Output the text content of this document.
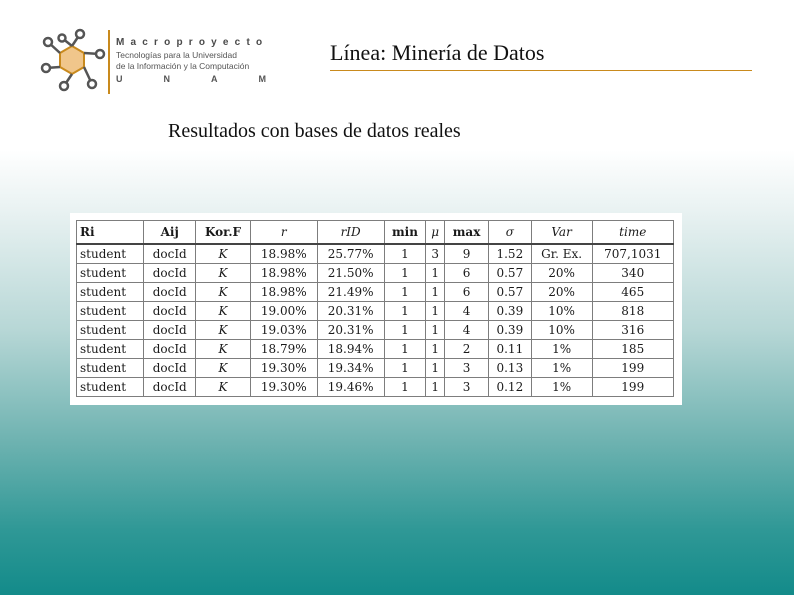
Macroproyecto
Tecnologías para la Universidad
de la Información y la Computación
U	N	A	M
Línea: Minería de Datos
Resultados con bases de datos reales
Ri	Aij	Kor.F	r	rID	min	μ	max	σ	Var	time
student	docId	K	18.98%	25.77%	1	3	9	1.52	Gr. Ex.	707,1031
student	docId	K	18.98%	21.50%	1	1	6	0.57	20%	340
student	docId	K	18.98%	21.49%	1	1	6	0.57	20%	465
student	docId	K	19.00%	20.31%	1	1	4	0.39	10%	818
student	docId	K	19.03%	20.31%	1	1	4	0.39	10%	316
student	docId	K	18.79%	18.94%	1	1	2	0.11	1%	185
student	docId	K	19.30%	19.34%	1	1	3	0.13	1%	199
student	docId	K	19.30%	19.46%	1	1	3	0.12	1%	199
